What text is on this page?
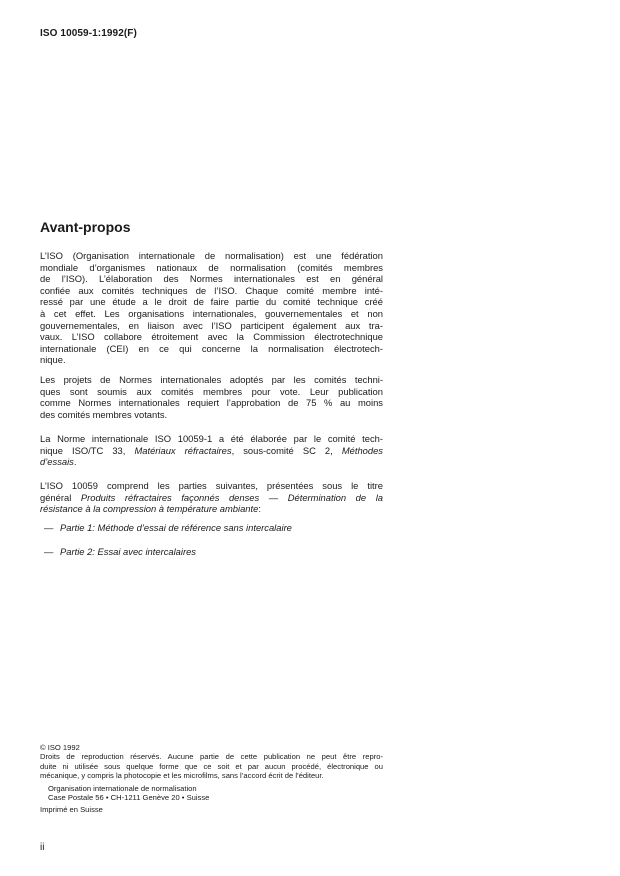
ISO 10059-1:1992(F)
Avant-propos
L’ISO (Organisation internationale de normalisation) est une fédération
mondiale d’organismes nationaux de normalisation (comités membres
de l’ISO). L’élaboration des Normes internationales est en général
confiée aux comités techniques de l’ISO. Chaque comité membre inté-
ressé par une étude a le droit de faire partie du comité technique créé
à cet effet. Les organisations internationales, gouvernementales et non
gouvernementales, en liaison avec l’ISO participent également aux tra-
vaux. L’ISO collabore étroitement avec la Commission électrotechnique
internationale (CEI) en ce qui concerne la normalisation électrotech-
nique.
Les projets de Normes internationales adoptés par les comités techni-
ques sont soumis aux comités membres pour vote. Leur publication
comme Normes internationales requiert l’approbation de 75 % au moins
des comités membres votants.
La Norme internationale ISO 10059-1 a été élaborée par le comité tech-
nique ISO/TC 33, Matériaux réfractaires, sous-comité SC 2, Méthodes
d’essais.
L’ISO 10059 comprend les parties suivantes, présentées sous le titre
général Produits réfractaires façonnés denses — Détermination de la
résistance à la compression à température ambiante:
— Partie 1: Méthode d’essai de référence sans intercalaire
— Partie 2: Essai avec intercalaires
© ISO 1992
Droits de reproduction réservés. Aucune partie de cette publication ne peut être repro-
duite ni utilisée sous quelque forme que ce soit et par aucun procédé, électronique ou
mécanique, y compris la photocopie et les microfilms, sans l’accord écrit de l’éditeur.
Organisation internationale de normalisation
Case Postale 56 • CH-1211 Genève 20 • Suisse
Imprimé en Suisse
ii
